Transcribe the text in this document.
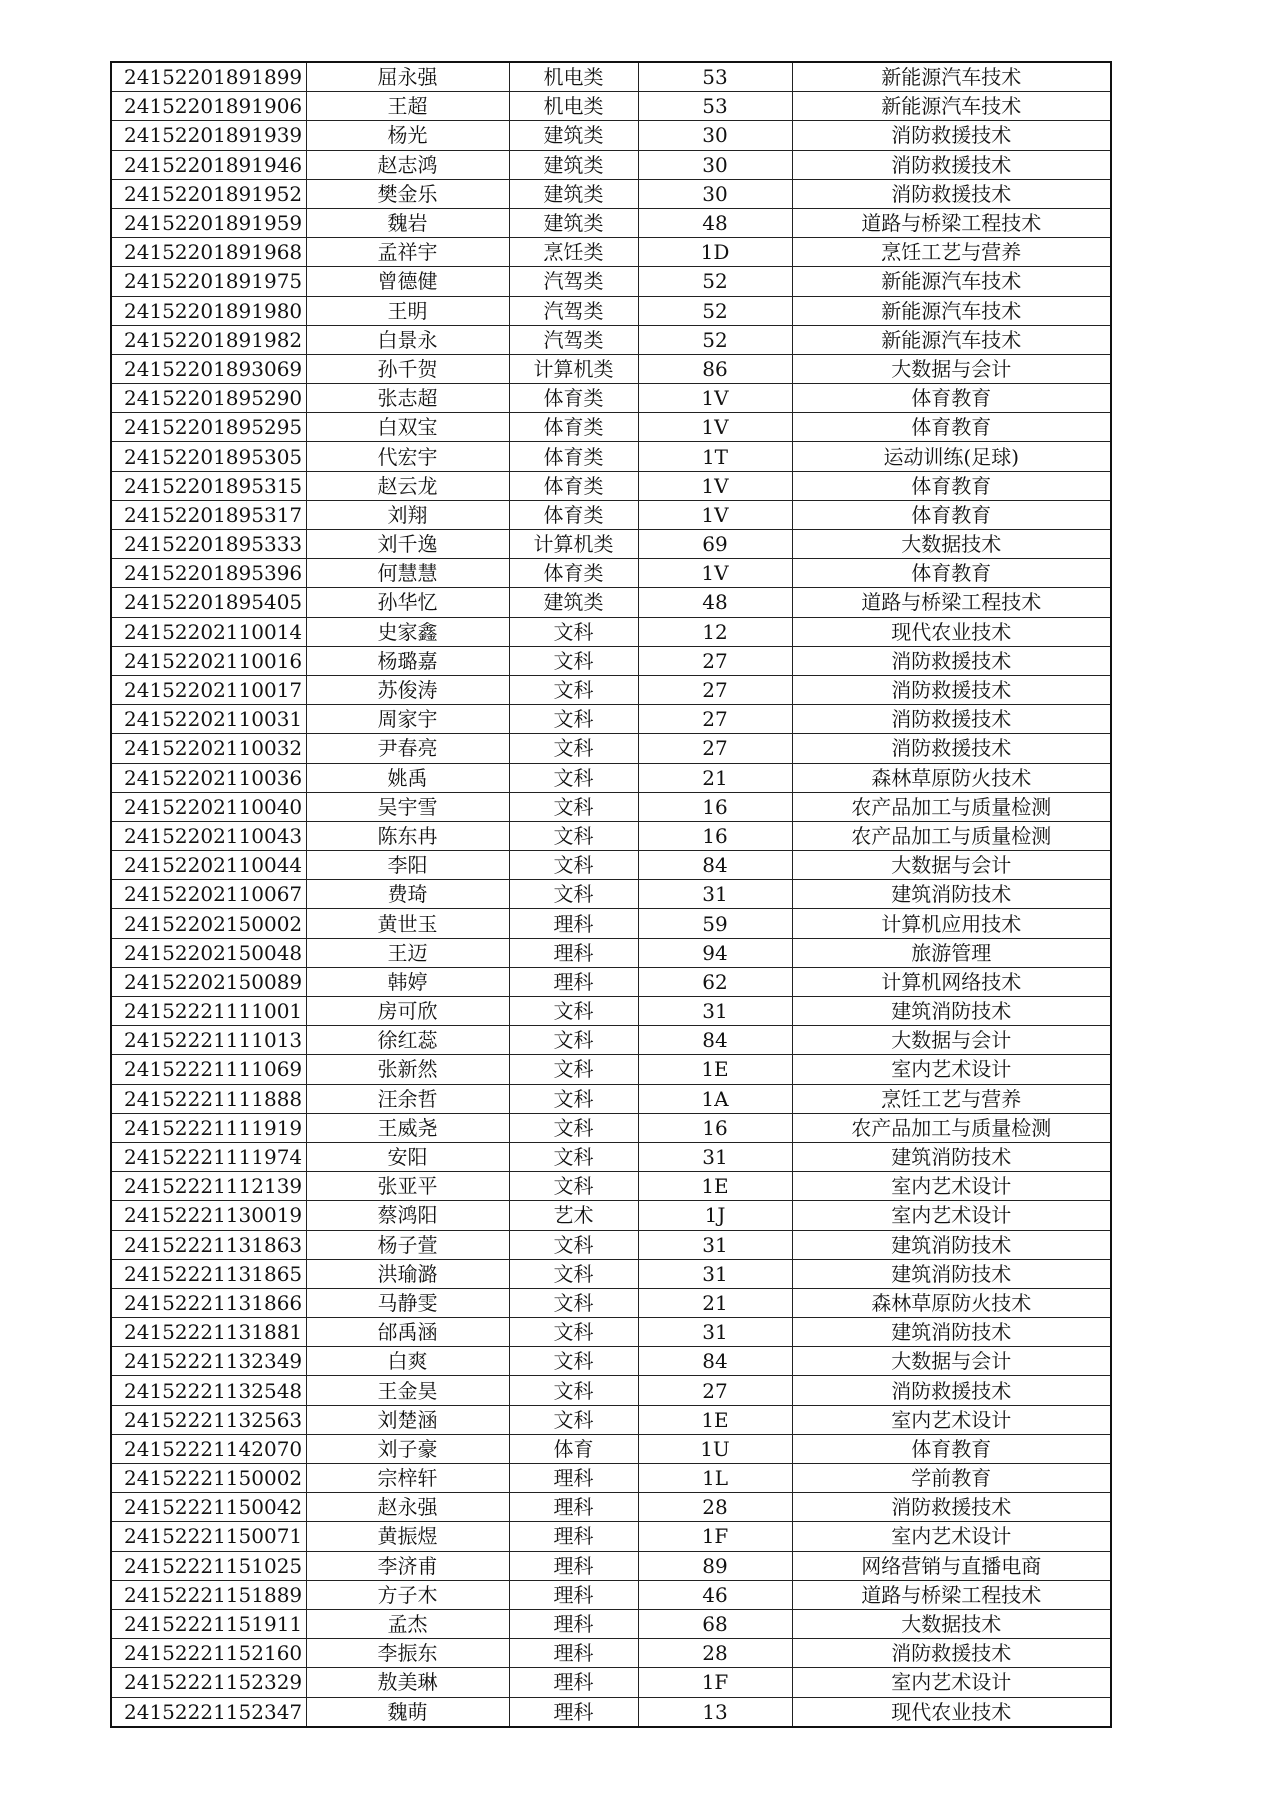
24152201891899	屈永强	机电类	53	新能源汽车技术
24152201891906	王超	机电类	53	新能源汽车技术
24152201891939	杨光	建筑类	30	消防救援技术
24152201891946	赵志鸿	建筑类	30	消防救援技术
24152201891952	樊金乐	建筑类	30	消防救援技术
24152201891959	魏岩	建筑类	48	道路与桥梁工程技术
24152201891968	孟祥宇	烹饪类	1D	烹饪工艺与营养
24152201891975	曾德健	汽驾类	52	新能源汽车技术
24152201891980	王明	汽驾类	52	新能源汽车技术
24152201891982	白景永	汽驾类	52	新能源汽车技术
24152201893069	孙千贺	计算机类	86	大数据与会计
24152201895290	张志超	体育类	1V	体育教育
24152201895295	白双宝	体育类	1V	体育教育
24152201895305	代宏宇	体育类	1T	运动训练(足球)
24152201895315	赵云龙	体育类	1V	体育教育
24152201895317	刘翔	体育类	1V	体育教育
24152201895333	刘千逸	计算机类	69	大数据技术
24152201895396	何慧慧	体育类	1V	体育教育
24152201895405	孙华忆	建筑类	48	道路与桥梁工程技术
24152202110014	史家鑫	文科	12	现代农业技术
24152202110016	杨璐嘉	文科	27	消防救援技术
24152202110017	苏俊涛	文科	27	消防救援技术
24152202110031	周家宇	文科	27	消防救援技术
24152202110032	尹春亮	文科	27	消防救援技术
24152202110036	姚禹	文科	21	森林草原防火技术
24152202110040	吴宇雪	文科	16	农产品加工与质量检测
24152202110043	陈东冉	文科	16	农产品加工与质量检测
24152202110044	李阳	文科	84	大数据与会计
24152202110067	费琦	文科	31	建筑消防技术
24152202150002	黄世玉	理科	59	计算机应用技术
24152202150048	王迈	理科	94	旅游管理
24152202150089	韩婷	理科	62	计算机网络技术
24152221111001	房可欣	文科	31	建筑消防技术
24152221111013	徐红蕊	文科	84	大数据与会计
24152221111069	张新然	文科	1E	室内艺术设计
24152221111888	汪余哲	文科	1A	烹饪工艺与营养
24152221111919	王威尧	文科	16	农产品加工与质量检测
24152221111974	安阳	文科	31	建筑消防技术
24152221112139	张亚平	文科	1E	室内艺术设计
24152221130019	蔡鸿阳	艺术	1J	室内艺术设计
24152221131863	杨子萱	文科	31	建筑消防技术
24152221131865	洪瑜潞	文科	31	建筑消防技术
24152221131866	马静雯	文科	21	森林草原防火技术
24152221131881	邰禹涵	文科	31	建筑消防技术
24152221132349	白爽	文科	84	大数据与会计
24152221132548	王金昊	文科	27	消防救援技术
24152221132563	刘楚涵	文科	1E	室内艺术设计
24152221142070	刘子豪	体育	1U	体育教育
24152221150002	宗梓轩	理科	1L	学前教育
24152221150042	赵永强	理科	28	消防救援技术
24152221150071	黄振煜	理科	1F	室内艺术设计
24152221151025	李济甫	理科	89	网络营销与直播电商
24152221151889	方子木	理科	46	道路与桥梁工程技术
24152221151911	孟杰	理科	68	大数据技术
24152221152160	李振东	理科	28	消防救援技术
24152221152329	敖美琳	理科	1F	室内艺术设计
24152221152347	魏萌	理科	13	现代农业技术
